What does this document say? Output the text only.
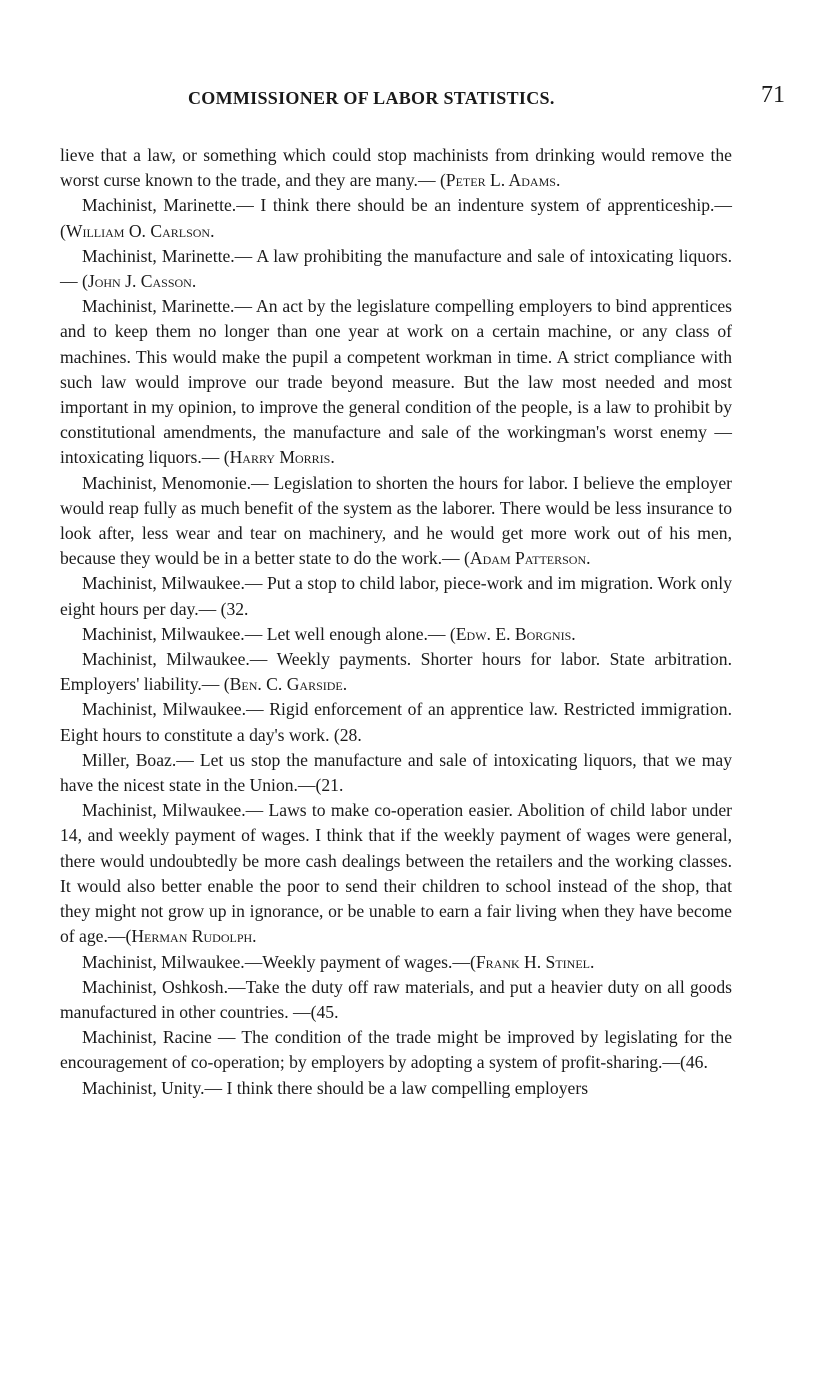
COMMISSIONER OF LABOR STATISTICS.	71

lieve that a law, or something which could stop machinists from drinking would remove the worst curse known to the trade, and they are many.— (Peter L. Adams.

Machinist, Marinette.— I think there should be an indenture system of apprenticeship.— (William O. Carlson.

Machinist, Marinette.— A law prohibiting the manufacture and sale of intoxicating liquors.— (John J. Casson.

Machinist, Marinette.— An act by the legislature compelling employers to bind apprentices and to keep them no longer than one year at work on a certain machine, or any class of machines. This would make the pupil a competent workman in time. A strict compliance with such law would improve our trade beyond measure. But the law most needed and most important in my opinion, to improve the general condition of the people, is a law to prohibit by constitutional amendments, the manufacture and sale of the workingman's worst enemy — intoxicating liquors.— (Harry Morris.

Machinist, Menomonie.— Legislation to shorten the hours for labor. I believe the employer would reap fully as much benefit of the system as the laborer. There would be less insurance to look after, less wear and tear on machinery, and he would get more work out of his men, because they would be in a better state to do the work.— (Adam Patterson.

Machinist, Milwaukee.— Put a stop to child labor, piece-work and im migration. Work only eight hours per day.— (32.

Machinist, Milwaukee.— Let well enough alone.— (Edw. E. Borgnis.

Machinist, Milwaukee.— Weekly payments. Shorter hours for labor. State arbitration. Employers' liability.— (Ben. C. Garside.

Machinist, Milwaukee.— Rigid enforcement of an apprentice law. Restricted immigration. Eight hours to constitute a day's work. (28.

Miller, Boaz.— Let us stop the manufacture and sale of intoxicating liquors, that we may have the nicest state in the Union.—(21.

Machinist, Milwaukee.— Laws to make co-operation easier. Abolition of child labor under 14, and weekly payment of wages. I think that if the weekly payment of wages were general, there would undoubtedly be more cash dealings between the retailers and the working classes. It would also better enable the poor to send their children to school instead of the shop, that they might not grow up in ignorance, or be unable to earn a fair living when they have become of age.—(Herman Rudolph.

Machinist, Milwaukee.—Weekly payment of wages.—(Frank H. Stinel.

Machinist, Oshkosh.—Take the duty off raw materials, and put a heavier duty on all goods manufactured in other countries. —(45.

Machinist, Racine — The condition of the trade might be improved by legislating for the encouragement of co-operation; by employers by adopting a system of profit-sharing.—(46.

Machinist, Unity.— I think there should be a law compelling employers
